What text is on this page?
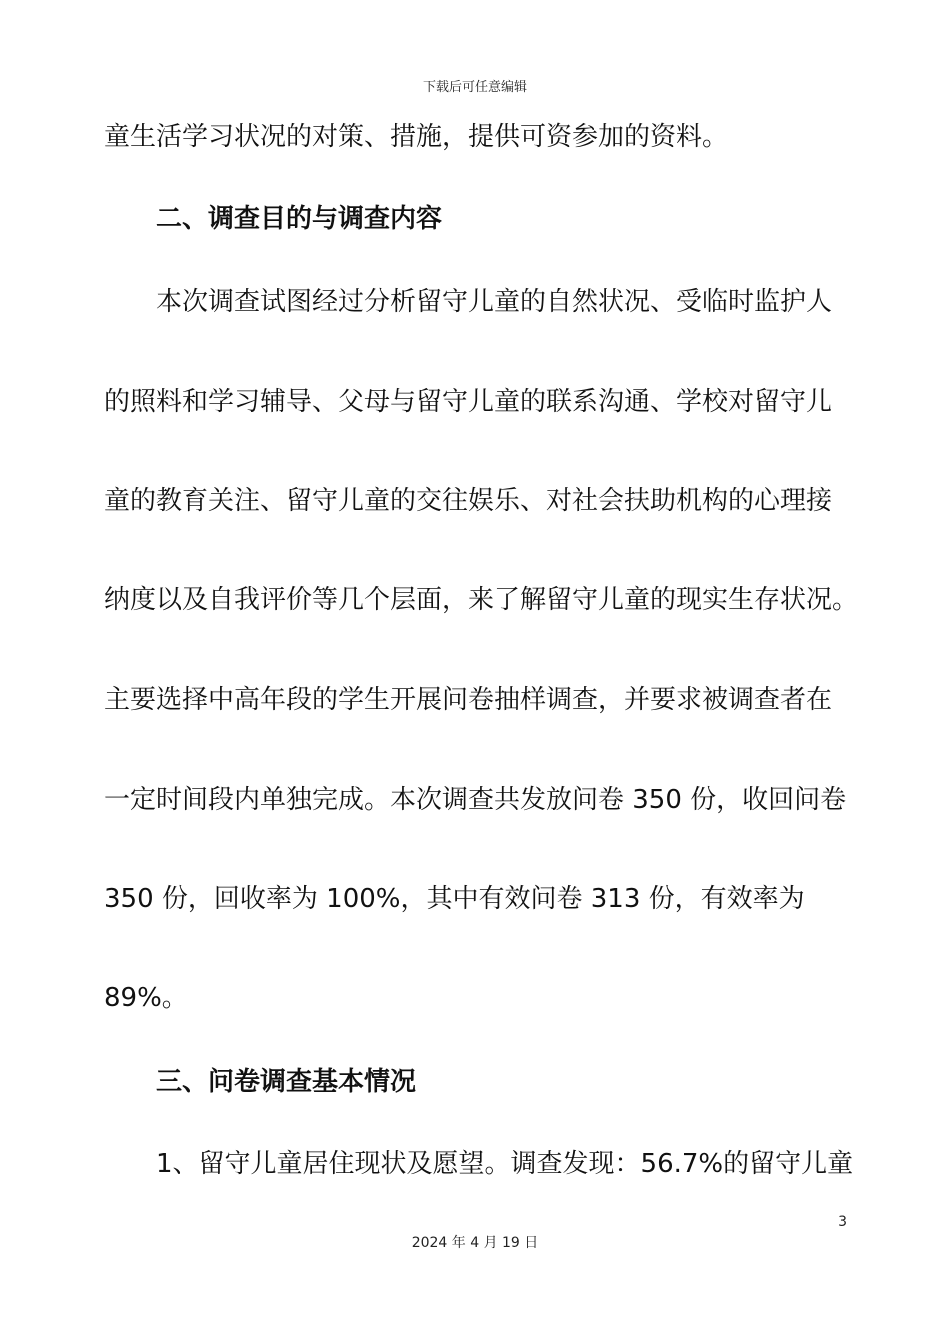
下载后可任意编辑
童生活学习状况的对策、措施，提供可资参加的资料。
二、调查目的与调查内容
本次调查试图经过分析留守儿童的自然状况、受临时监护人
的照料和学习辅导、父母与留守儿童的联系沟通、学校对留守儿
童的教育关注、留守儿童的交往娱乐、对社会扶助机构的心理接
纳度以及自我评价等几个层面，来了解留守儿童的现实生存状况。
主要选择中高年段的学生开展问卷抽样调查，并要求被调查者在
一定时间段内单独完成。本次调查共发放问卷 350 份，收回问卷
350 份，回收率为 100%，其中有效问卷 313 份，有效率为
89%。
三、问卷调查基本情况
1、留守儿童居住现状及愿望。调查发现：56.7%的留守儿童
3
2024 年 4 月 19 日
